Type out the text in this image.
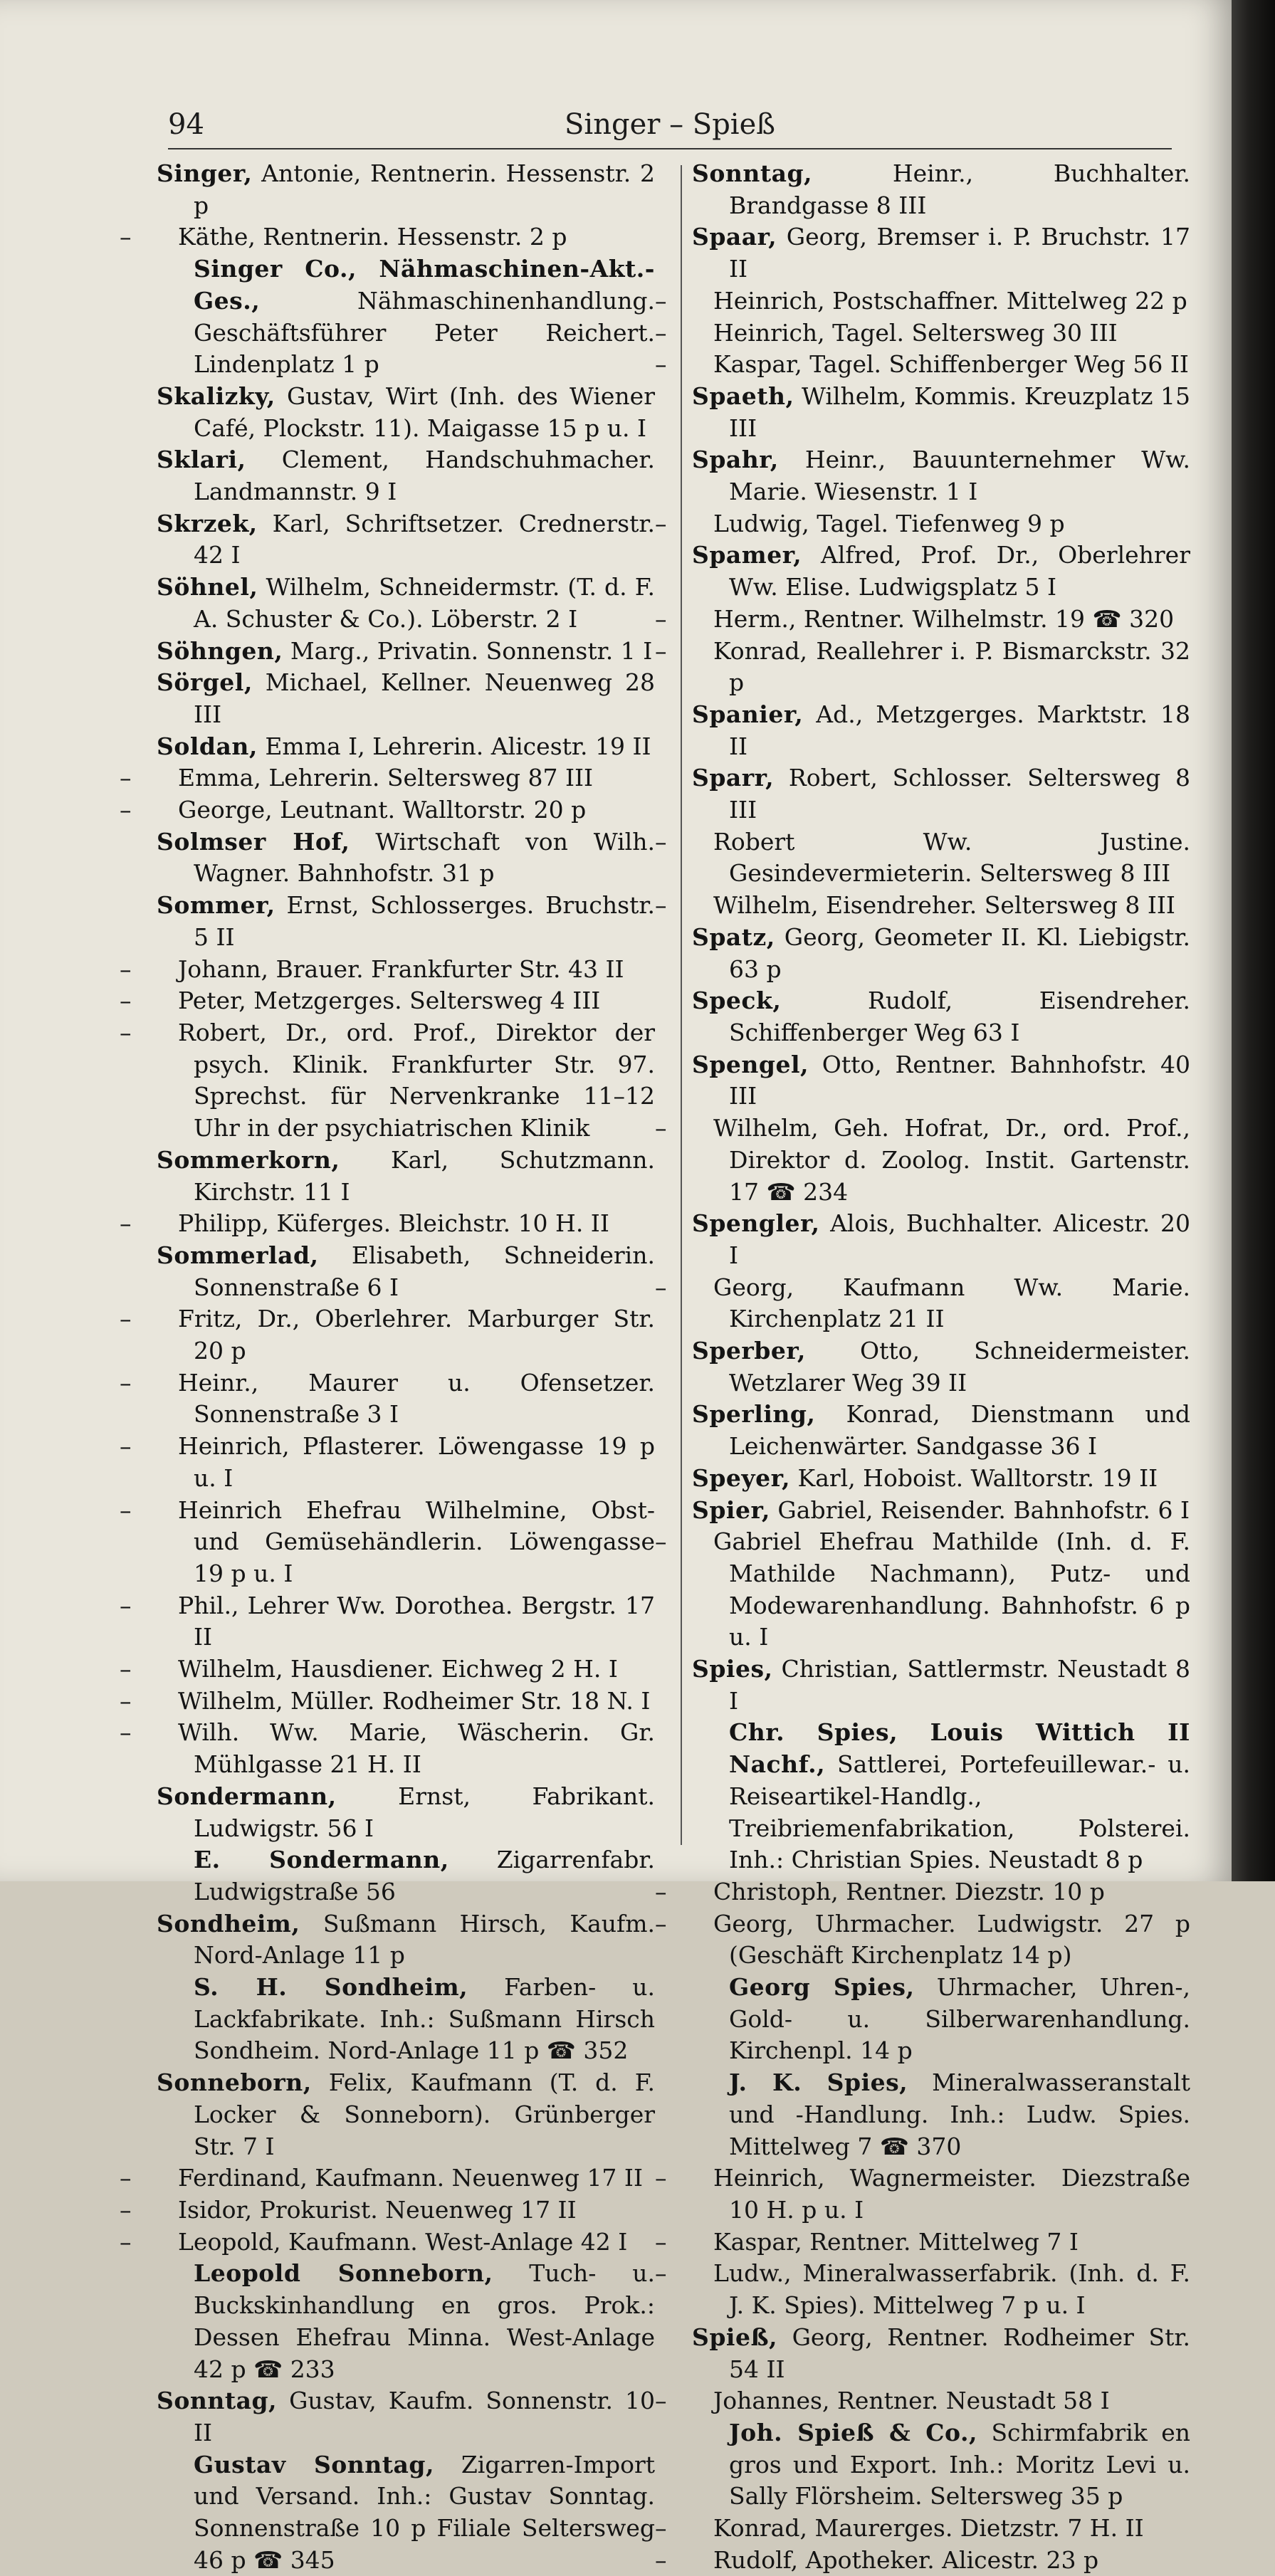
94	Singer – Spieß

Singer, Antonie, Rentnerin. Hessenstr. 2 p

– Käthe, Rentnerin. Hessenstr. 2 p

Singer Co., Nähmaschinen-Akt.-Ges.,	Nähmaschinenhandlung. Geschäftsführer Peter Reichert. Lindenplatz 1 p

Skalizky, Gustav, Wirt (Inh. des Wiener Café, Plockstr. 11). Maigasse 15 p u. I

Sklari, Clement, Handschuhmacher. Landmannstr. 9 I

Skrzek, Karl, Schriftsetzer. Crednerstr. 42 I

Söhnel, Wilhelm, Schneidermstr. (T. d. F. A. Schuster & Co.). Löberstr. 2 I

Söhngen, Marg., Privatin. Sonnenstr. 1 I

Sörgel, Michael, Kellner. Neuenweg 28 III

Soldan, Emma I, Lehrerin. Alicestr. 19 II

– Emma, Lehrerin. Seltersweg 87 III

– George, Leutnant. Walltorstr. 20 p

Solmser Hof, Wirtschaft von Wilh. Wagner. Bahnhofstr. 31 p

Sommer, Ernst, Schlosserges. Bruchstr. 5 II

– Johann, Brauer. Frankfurter Str. 43 II

– Peter, Metzgerges. Seltersweg 4 III

– Robert, Dr., ord. Prof., Direktor der psych. Klinik. Frankfurter Str. 97. Sprechst. für Nervenkranke 11–12 Uhr in der psychiatrischen Klinik

Sommerkorn, Karl, Schutzmann. Kirchstr. 11 I

– Philipp, Küferges. Bleichstr. 10 H. II

Sommerlad, Elisabeth, Schneiderin. Sonnenstraße 6 I

– Fritz, Dr., Oberlehrer. Marburger Str. 20 p

– Heinr., Maurer u. Ofensetzer. Sonnenstraße 3 I

– Heinrich, Pflasterer. Löwengasse 19 p u. I

– Heinrich Ehefrau Wilhelmine, Obst- und Gemüsehändlerin. Löwengasse 19 p u. I

– Phil., Lehrer Ww. Dorothea. Bergstr. 17 II

– Wilhelm, Hausdiener. Eichweg 2 H. I

– Wilhelm, Müller. Rodheimer Str. 18 N. I

– Wilh. Ww. Marie, Wäscherin. Gr. Mühlgasse 21 H. II

Sondermann,	Ernst, Fabrikant. Ludwigstr. 56 I

E. Sondermann, Zigarrenfabr. Ludwigstraße 56

Sondheim, Sußmann Hirsch, Kaufm. Nord-Anlage 11 p

S. H. Sondheim, Farben- u. Lackfabrikate. Inh.: Sußmann Hirsch Sondheim. Nord-Anlage 11 p ☎ 352

Sonneborn, Felix, Kaufmann (T. d. F. Locker & Sonneborn). Grünberger Str. 7 I

– Ferdinand, Kaufmann. Neuenweg 17 II

– Isidor, Prokurist. Neuenweg 17 II

– Leopold, Kaufmann. West-Anlage 42 I

Leopold Sonneborn, Tuch- u. Buckskinhandlung en gros. Prok.: Dessen Ehefrau Minna. West-Anlage 42 p ☎ 233

Sonntag, Gustav, Kaufm. Sonnenstr. 10 II

Gustav Sonntag, Zigarren-Import und Versand. Inh.: Gustav Sonntag. Sonnenstraße 10 p Filiale Seltersweg 46 p ☎ 345

Sonntag,	Heinr., Buchhalter. Brandgasse 8 III

Spaar, Georg, Bremser i. P. Bruchstr. 17 II

– Heinrich, Postschaffner. Mittelweg 22 p

– Heinrich, Tagel. Seltersweg 30 III

– Kaspar, Tagel. Schiffenberger Weg 56 II

Spaeth, Wilhelm, Kommis. Kreuzplatz 15 III

Spahr, Heinr., Bauunternehmer Ww. Marie. Wiesenstr. 1 I

– Ludwig, Tagel. Tiefenweg 9 p

Spamer, Alfred, Prof. Dr., Oberlehrer Ww. Elise. Ludwigsplatz 5 I

– Herm., Rentner. Wilhelmstr. 19 ☎ 320

– Konrad, Reallehrer i. P. Bismarckstr. 32 p

Spanier, Ad., Metzgerges. Marktstr. 18 II

Sparr, Robert, Schlosser. Seltersweg 8 III

– Robert Ww. Justine. Gesindevermieterin. Seltersweg 8 III

– Wilhelm, Eisendreher. Seltersweg 8 III

Spatz, Georg, Geometer II. Kl. Liebigstr. 63 p

Speck,	Rudolf, Eisendreher. Schiffenberger Weg 63 I

Spengel, Otto, Rentner. Bahnhofstr. 40 III

– Wilhelm, Geh. Hofrat, Dr., ord. Prof., Direktor d. Zoolog. Instit. Gartenstr. 17 ☎ 234

Spengler, Alois, Buchhalter. Alicestr. 20 I

– Georg, Kaufmann Ww. Marie. Kirchenplatz 21 II

Sperber, Otto, Schneidermeister. Wetzlarer Weg 39 II

Sperling, Konrad, Dienstmann und Leichenwärter. Sandgasse 36 I

Speyer, Karl, Hoboist. Walltorstr. 19 II

Spier, Gabriel, Reisender. Bahnhofstr. 6 I

– Gabriel Ehefrau Mathilde (Inh. d. F. Mathilde Nachmann), Putz- und Modewarenhandlung. Bahnhofstr. 6 p u. I

Spies, Christian, Sattlermstr. Neustadt 8 I

Chr. Spies, Louis Wittich II Nachf., Sattlerei, Portefeuillewar.- u. Reiseartikel-Handlg., Treibriemenfabrikation, Polsterei. Inh.: Christian Spies. Neustadt 8 p

– Christoph, Rentner. Diezstr. 10 p

– Georg, Uhrmacher. Ludwigstr. 27 p (Geschäft Kirchenplatz 14 p)

Georg Spies, Uhrmacher, Uhren-, Gold- u. Silberwarenhandlung. Kirchenpl. 14 p

J. K. Spies, Mineralwasseranstalt und -Handlung. Inh.: Ludw. Spies. Mittelweg 7 ☎ 370

– Heinrich, Wagnermeister. Diezstraße 10 H. p u. I

– Kaspar, Rentner. Mittelweg 7 I

– Ludw., Mineralwasserfabrik. (Inh. d. F. J. K. Spies). Mittelweg 7 p u. I

Spieß, Georg, Rentner. Rodheimer Str. 54 II

– Johannes, Rentner. Neustadt 58 I

Joh. Spieß & Co., Schirmfabrik en gros und Export. Inh.: Moritz Levi u. Sally Flörsheim. Seltersweg 35 p

– Konrad, Maurerges. Dietzstr. 7 H. II

– Rudolf, Apotheker. Alicestr. 23 p
